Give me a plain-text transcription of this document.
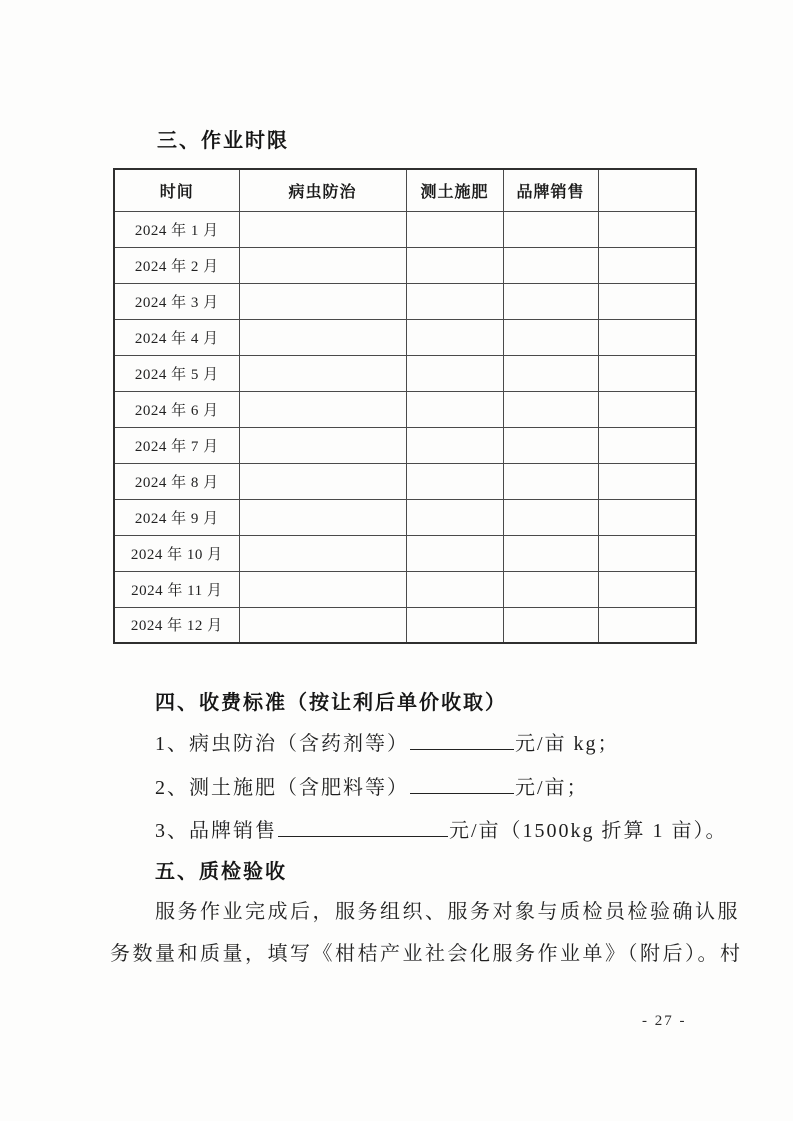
三、作业时限
时间	病虫防治	测土施肥	品牌销售	
2024 年 1 月				
2024 年 2 月				
2024 年 3 月				
2024 年 4 月				
2024 年 5 月				
2024 年 6 月				
2024 年 7 月				
2024 年 8 月				
2024 年 9 月				
2024 年 10 月				
2024 年 11 月				
2024 年 12 月				
四、收费标准（按让利后单价收取）
1、病虫防治（含药剂等）	元/亩 kg；
2、测土施肥（含肥料等）	元/亩；
3、品牌销售	元/亩（1500kg 折算 1 亩）。
五、质检验收
服务作业完成后，服务组织、服务对象与质检员检验确认服
务数量和质量，填写《柑桔产业社会化服务作业单》（附后）。村
- 27 -
